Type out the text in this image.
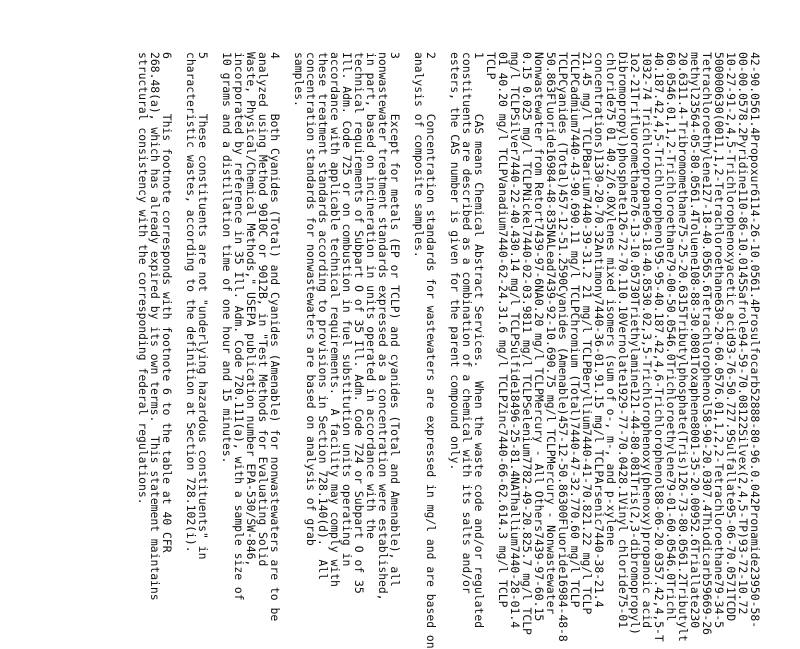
42-90.0561.4Propoxur6114-26-10.0561.4Prosulfocarb52888-80-96.0.042Pronamide23950-58-
00-00.0578.2Pyridine110-86-10.0145Safrole94-59-70.08122Silvex(2,4,5-TP)93-72-10.72
10-27-91-2,4,5-Trichlorophenoxyacetic acid93-76-50.727.9Sulfallate95-06-70.0571TCDD
500000630(0011,1,2-Tetrachloroethane630-20-60.0576.01,1,2,2-Tetrachloroethane79-34-5
Tetrachloroethylene127-18-40.0565.6Tetrachlorophenol58-90-20.0307.4Thiodicarb59669-26
methyl23564-05-80.0561.4Toluene108-88-30.0801Toxaphene8001-35-20.00952.6Triallate230
20.6311.4-Tribromomethane75-25-20.6315Tributylphosphate(Tris)126-73-80.0561.2Tributylt
60.0546.01,1,2-Trichloroethane79-00-50.0546.0Trichloroethylene79-01-60.0546.0Trichl
40.187.42,4,5-Trichlorophenol95-95-40.187.42,4,6-Trichlorophenol88-06-20.0357.42,4,5-T
1032-74 Trichloropropane96-18-40.8530.02,3,5-Trichlorophenoxy(phenoxy)propanoic acid
1o2-21Trifluoromethane76-13-10.05730Triethylamine121-44-80.081Tris(2,3-dibromopropyl)
Dibromopropyl)phosphate126-72-70.110.10Vernolate1929-77-70.0428.1Vinyl chloride75-01
chloride75 01 40.2/6.0Xylenes mixed isomers (sum of o-, m-, and p-xylene
concentrations)1330-20-70.32Antimony7440-36-01.91.15 mg/l TCLPArsenic7440-38-21.4
21.45 mg/l TCLPBarium7440-39-31.2 21 mg/l TCLPBeryllium7440-41-70.821.22 mg/l TCLP
TCLPCadmium7440-43-90.690.11 mg/l TCLPChromium (Total)7440-47-32.770.60 mg/l TCLP
TCLPCyanides (Total)457-12-51.2590Cyanides (Amenable)457-12-50.86300Fluoride16984-48-8
50.863Fluoride16984-48-835NALead7439-92-10.690.75 mg/l TCLPMercury - Nonwastewater
Nonwastewater from Retort7439-97-6NA0.20 mg/l TCLPMercury - All Others7439-97-60.15
0.15 0.025 mg/l TCLPNickel7440-02-03.9811 mg/l TCLPSelenium7782-49-20.825.7 mg/l TCLP
mg/l TCLPSilver7440-22-40.430.14 mg/l TCLPSulfide18496-25-81.4NAThallium7440-28-01.4
01 40.20 mg/l TCLPVanadium7440-62-24.31.6 mg/l TCLPZinc7440-66-62.614.3 mg/l TCLP
TCLP
1        CAS means Chemical Abstract Services.  When the waste code and/or regulated
constituents are described as a combination of a chemical with its salts and/or
esters, the CAS number is given for the parent compound only.
2        Concentration standards for wastewaters are expressed in mg/l and are based on
analysis of composite samples.
3        Except for metals (EP or TCLP) and cyanides (Total and Amenable), all
nonwastewater treatment standards expressed as a concentration were established,
in part, based on incineration in units operated in accordance with the
technical requirements of Subpart O of 35 Ill. Adm. Code 724 or Subpart O of 35
Ill. Adm. Code 725 or on combustion in fuel substitution units operating in
accordance with applicable technical requirements.  A facility may comply with
these treatment standards according to provisions in Section 728.140(d).  All
concentration standards for nonwastewaters are based on analysis of grab
samples.
4        Both Cyanides (Total) and Cyanides (Amenable) for nonwastewaters are to be
analyzed using Method 9010C or 9012B, in "Test Methods for Evaluating Solid
Waste, Physical/Chemical Methods," USEPA publication number EPA-530/SW-846,
incorporated by reference in 35 Ill. Adm. Code 720.111(a), with a sample size of
10 grams and a distillation time of one hour and 15 minutes.
5        These constituents are not "underlying hazardous constituents" in
characteristic wastes, according to the definition at Section 728.102(i).
6        This footnote corresponds with footnote 6 to the table at 40 CFR
268.48(a), which has already expired by its own terms.  This statement maintains
structural consistency with the corresponding federal regulations.
